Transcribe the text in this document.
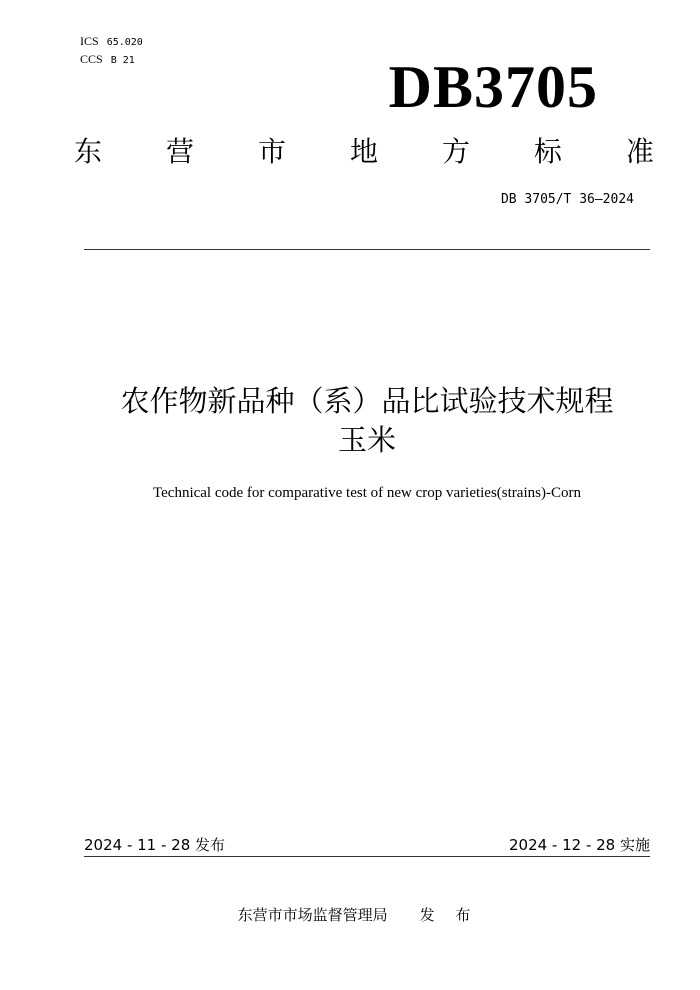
ICS 65.020
CCS B 21	DB3705
东 营 市 地 方 标 准
DB 3705/T 36—2024
农作物新品种（系）品比试验技术规程
玉米
Technical code for comparative test of new crop varieties(strains)-Corn
2024 - 11 - 28 发布	2024 - 12 - 28 实施
东营市市场监督管理局 发 布
